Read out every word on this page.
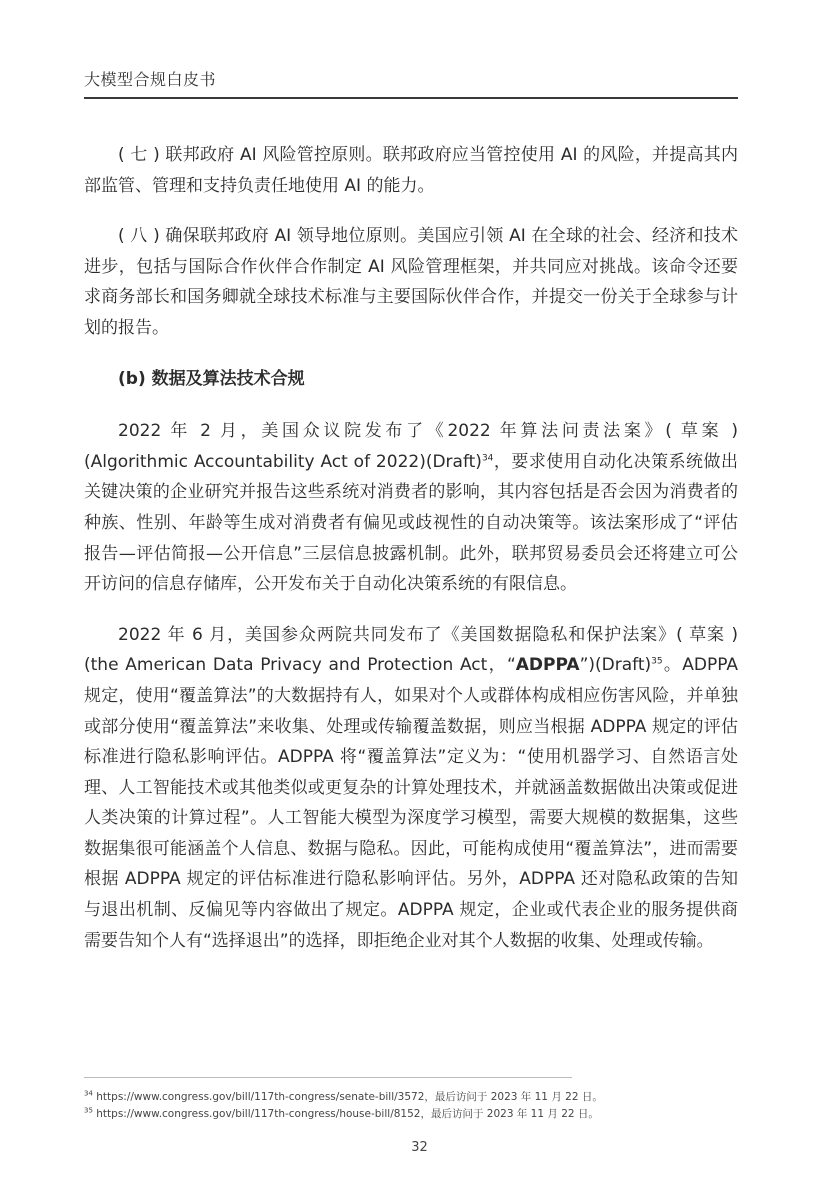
大模型合规白皮书

( 七 ) 联邦政府 AI 风险管控原则。联邦政府应当管控使用 AI 的风险，并提高其内部监管、管理和支持负责任地使用 AI 的能力。

( 八 ) 确保联邦政府 AI 领导地位原则。美国应引领 AI 在全球的社会、经济和技术进步，包括与国际合作伙伴合作制定 AI 风险管理框架，并共同应对挑战。该命令还要求商务部长和国务卿就全球技术标准与主要国际伙伴合作，并提交一份关于全球参与计划的报告。

(b) 数据及算法技术合规

2022 年 2 月，美国众议院发布了《2022 年算法问责法案》( 草案 )(Algorithmic Accountability Act of 2022)(Draft)$^{34}$，要求使用自动化决策系统做出关键决策的企业研究并报告这些系统对消费者的影响，其内容包括是否会因为消费者的种族、性别、年龄等生成对消费者有偏见或歧视性的自动决策等。该法案形成了“评估报告—评估简报—公开信息”三层信息披露机制。此外，联邦贸易委员会还将建立可公开访问的信息存储库，公开发布关于自动化决策系统的有限信息。

2022 年 6 月，美国参众两院共同发布了《美国数据隐私和保护法案》( 草案 )(the American Data Privacy and Protection Act，“ADPPA”)(Draft)$^{35}$。ADPPA 规定，使用“覆盖算法”的大数据持有人，如果对个人或群体构成相应伤害风险，并单独或部分使用“覆盖算法”来收集、处理或传输覆盖数据，则应当根据 ADPPA 规定的评估标准进行隐私影响评估。ADPPA 将“覆盖算法”定义为：“使用机器学习、自然语言处理、人工智能技术或其他类似或更复杂的计算处理技术，并就涵盖数据做出决策或促进人类决策的计算过程”。人工智能大模型为深度学习模型，需要大规模的数据集，这些数据集很可能涵盖个人信息、数据与隐私。因此，可能构成使用“覆盖算法”，进而需要根据 ADPPA 规定的评估标准进行隐私影响评估。另外，ADPPA 还对隐私政策的告知与退出机制、反偏见等内容做出了规定。ADPPA 规定，企业或代表企业的服务提供商需要告知个人有“选择退出”的选择，即拒绝企业对其个人数据的收集、处理或传输。

$^{34}$ https://www.congress.gov/bill/117th-congress/senate-bill/3572，最后访问于 2023 年 11 月 22 日。
$^{35}$ https://www.congress.gov/bill/117th-congress/house-bill/8152，最后访问于 2023 年 11 月 22 日。
32
